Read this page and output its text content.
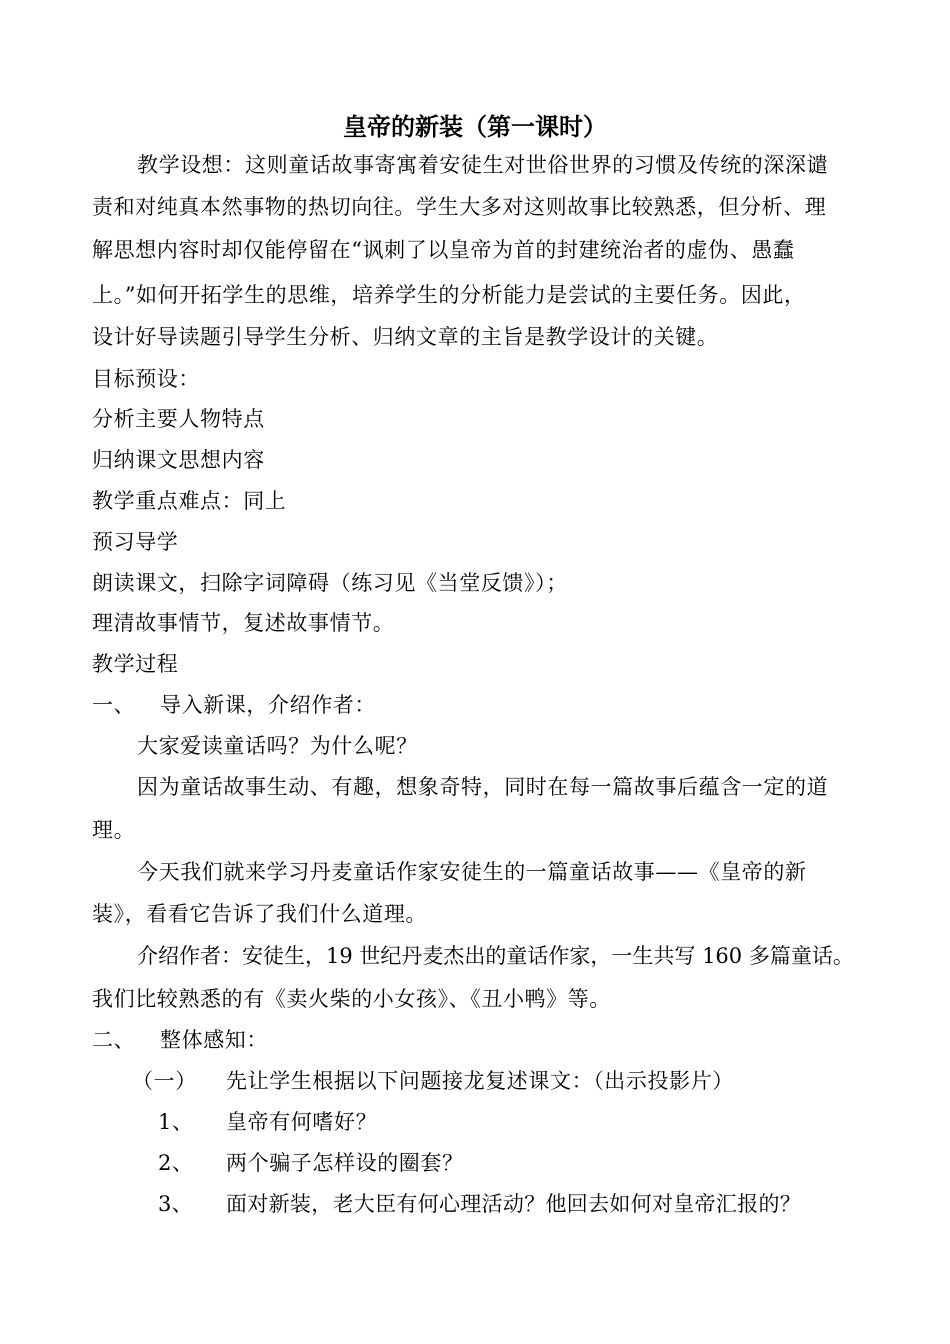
皇帝的新装（第一课时）

教学设想：这则童话故事寄寓着安徒生对世俗世界的习惯及传统的深深谴

责和对纯真本然事物的热切向往。学生大多对这则故事比较熟悉，但分析、理

解思想内容时却仅能停留在“讽刺了以皇帝为首的封建统治者的虚伪、愚蠢

上。”如何开拓学生的思维，培养学生的分析能力是尝试的主要任务。因此，

设计好导读题引导学生分析、归纳文章的主旨是教学设计的关键。

目标预设：

分析主要人物特点

归纳课文思想内容

教学重点难点：同上

预习导学

朗读课文，扫除字词障碍（练习见《当堂反馈》）；

理清故事情节，复述故事情节。

教学过程

一、 导入新课，介绍作者：

大家爱读童话吗？为什么呢？

因为童话故事生动、有趣，想象奇特，同时在每一篇故事后蕴含一定的道

理。

今天我们就来学习丹麦童话作家安徒生的一篇童话故事——《皇帝的新

装》，看看它告诉了我们什么道理。

介绍作者：安徒生，19 世纪丹麦杰出的童话作家，一生共写 160 多篇童话。

我们比较熟悉的有《卖火柴的小女孩》、《丑小鸭》等。

二、 整体感知：

（一） 先让学生根据以下问题接龙复述课文：（出示投影片）

1、 皇帝有何嗜好？

2、 两个骗子怎样设的圈套？

3、 面对新装，老大臣有何心理活动？他回去如何对皇帝汇报的？
